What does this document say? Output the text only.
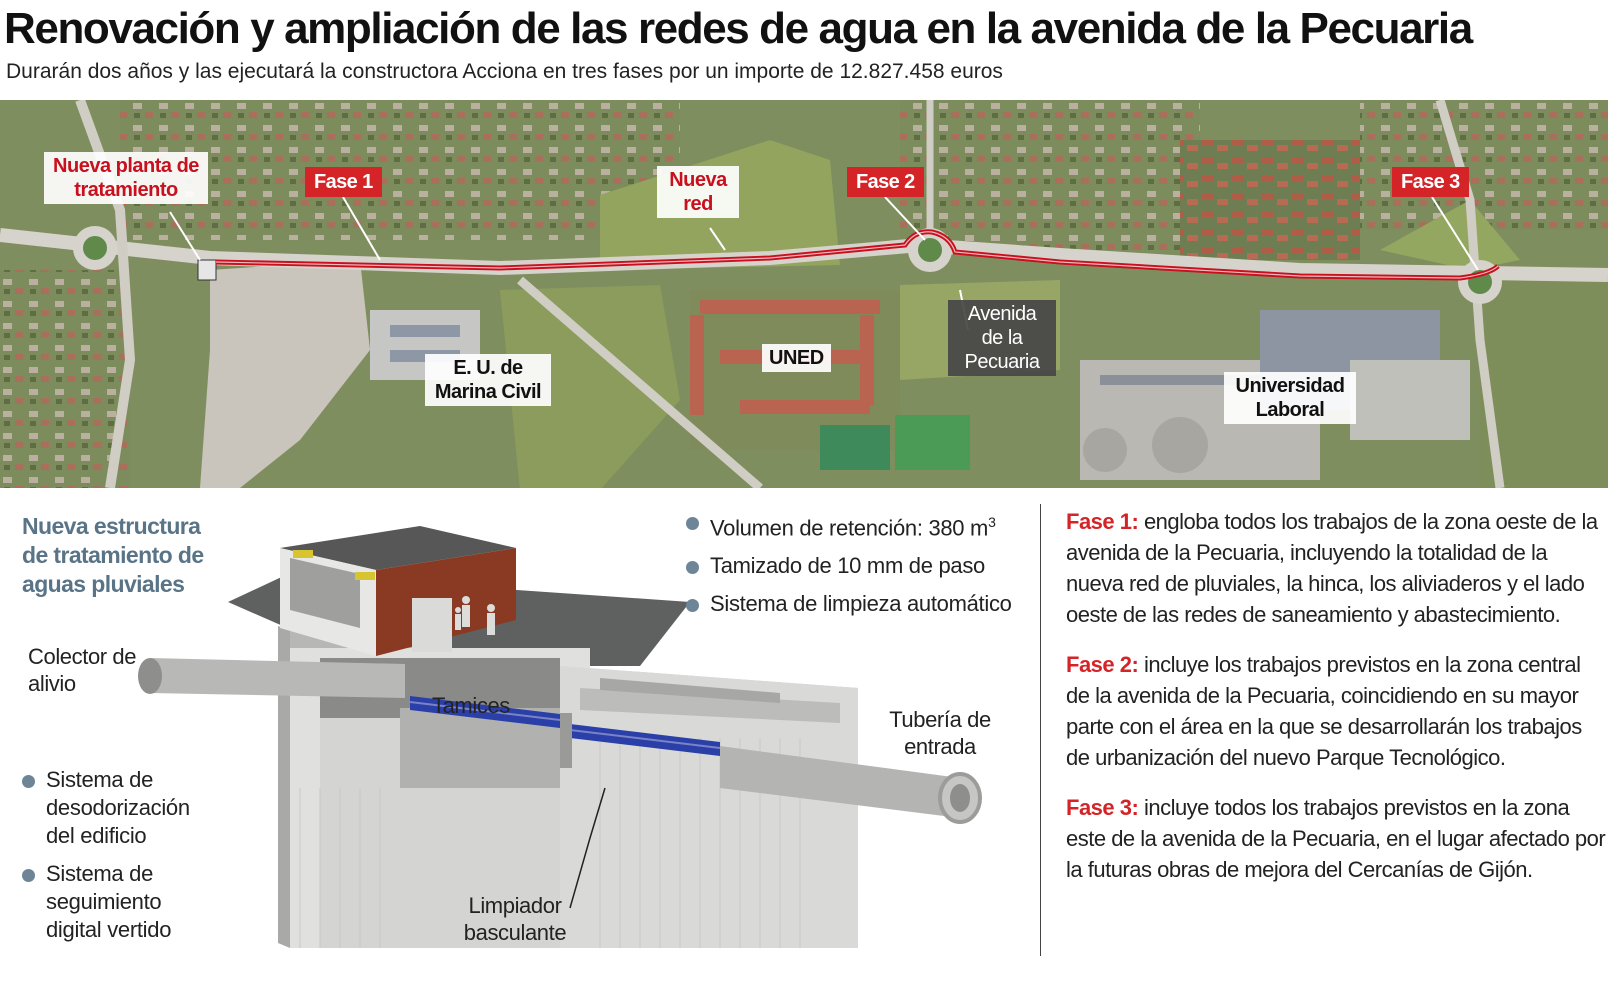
Renovación y ampliación de las redes de agua en la avenida de la Pecuaria
Durarán dos años y las ejecutará la constructora Acciona en tres fases por un importe de 12.827.458 euros
Nueva planta de tratamiento	Nueva red
E. U. de Marina Civil
UNED
Avenida de la Pecuaria
Universidad Laboral
Fase 1	Fase 2	Fase 3
Nueva estructura de tratamiento de aguas pluviales
Volumen de retención: 380 $m^3$
Tamizado de 10 mm de paso
Sistema de limpieza automático
Colector de alivio
Tamices
Tubería de entrada
Limpiador basculante
Sistema de desodorización del edificio
Sistema de seguimiento digital vertido

Fase 1: engloba todos los trabajos de la zona oeste de la avenida de la Pecuaria, incluyendo la totalidad de la nueva red de pluviales, la hinca, los aliviaderos y el lado oeste de las redes de saneamiento y abastecimiento.

Fase 2: incluye los trabajos previstos en la zona central de la avenida de la Pecuaria, coincidiendo en su mayor parte con el área en la que se desarrollarán los trabajos de urbanización del nuevo Parque Tecnológico.

Fase 3: incluye todos los trabajos previstos en la zona este de la avenida de la Pecuaria, en el lugar afectado por la futuras obras de mejora del Cercanías de Gijón.
